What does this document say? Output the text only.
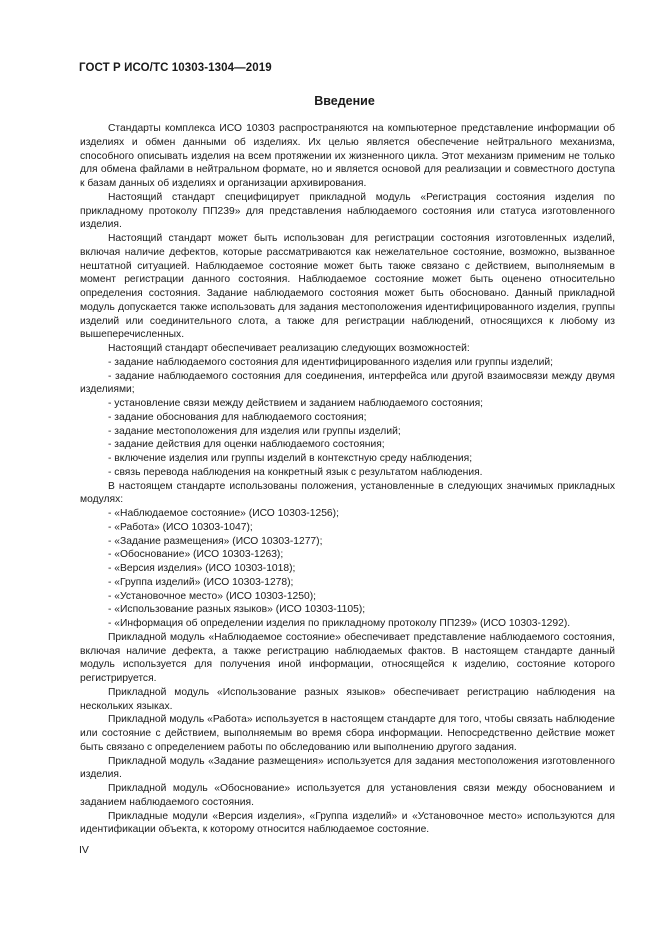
ГОСТ Р ИСО/ТС 10303-1304—2019
Введение

Стандарты комплекса ИСО 10303 распространяются на компьютерное представление информации об изделиях и обмен данными об изделиях. Их целью является обеспечение нейтрального механизма, способного описывать изделия на всем протяжении их жизненного цикла. Этот механизм применим не только для обмена файлами в нейтральном формате, но и является основой для реализации и совместного доступа к базам данных об изделиях и организации архивирования.

Настоящий стандарт специфицирует прикладной модуль «Регистрация состояния изделия по прикладному протоколу ПП239» для представления наблюдаемого состояния или статуса изготовленного изделия.

Настоящий стандарт может быть использован для регистрации состояния изготовленных изделий, включая наличие дефектов, которые рассматриваются как нежелательное состояние, возможно, вызванное нештатной ситуацией. Наблюдаемое состояние может быть также связано с действием, выполняемым в момент регистрации данного состояния. Наблюдаемое состояние может быть оценено относительно определения состояния. Задание наблюдаемого состояния может быть обосновано. Данный прикладной модуль допускается также использовать для задания местоположения идентифицированного изделия, группы изделий или соединительного слота, а также для регистрации наблюдений, относящихся к любому из вышеперечисленных.

Настоящий стандарт обеспечивает реализацию следующих возможностей:

- задание наблюдаемого состояния для идентифицированного изделия или группы изделий;

- задание наблюдаемого состояния для соединения, интерфейса или другой взаимосвязи между двумя изделиями;

- установление связи между действием и заданием наблюдаемого состояния;

- задание обоснования для наблюдаемого состояния;

- задание местоположения для изделия или группы изделий;

- задание действия для оценки наблюдаемого состояния;

- включение изделия или группы изделий в контекстную среду наблюдения;

- связь перевода наблюдения на конкретный язык с результатом наблюдения.

В настоящем стандарте использованы положения, установленные в следующих значимых прикладных модулях:

- «Наблюдаемое состояние» (ИСО 10303-1256);

- «Работа» (ИСО 10303-1047);

- «Задание размещения» (ИСО 10303-1277);

- «Обоснование» (ИСО 10303-1263);

- «Версия изделия» (ИСО 10303-1018);

- «Группа изделий» (ИСО 10303-1278);

- «Установочное место» (ИСО 10303-1250);

- «Использование разных языков» (ИСО 10303-1105);

- «Информация об определении изделия по прикладному протоколу ПП239» (ИСО 10303-1292).

Прикладной модуль «Наблюдаемое состояние» обеспечивает представление наблюдаемого состояния, включая наличие дефекта, а также регистрацию наблюдаемых фактов. В настоящем стандарте данный модуль используется для получения иной информации, относящейся к изделию, состояние которого регистрируется.

Прикладной модуль «Использование разных языков» обеспечивает регистрацию наблюдения на нескольких языках.

Прикладной модуль «Работа» используется в настоящем стандарте для того, чтобы связать наблюдение или состояние с действием, выполняемым во время сбора информации. Непосредственно действие может быть связано с определением работы по обследованию или выполнению другого задания.

Прикладной модуль «Задание размещения» используется для задания местоположения изготовленного изделия.

Прикладной модуль «Обоснование» используется для установления связи между обоснованием и заданием наблюдаемого состояния.

Прикладные модули «Версия изделия», «Группа изделий» и «Установочное место» используются для идентификации объекта, к которому относится наблюдаемое состояние.

IV
